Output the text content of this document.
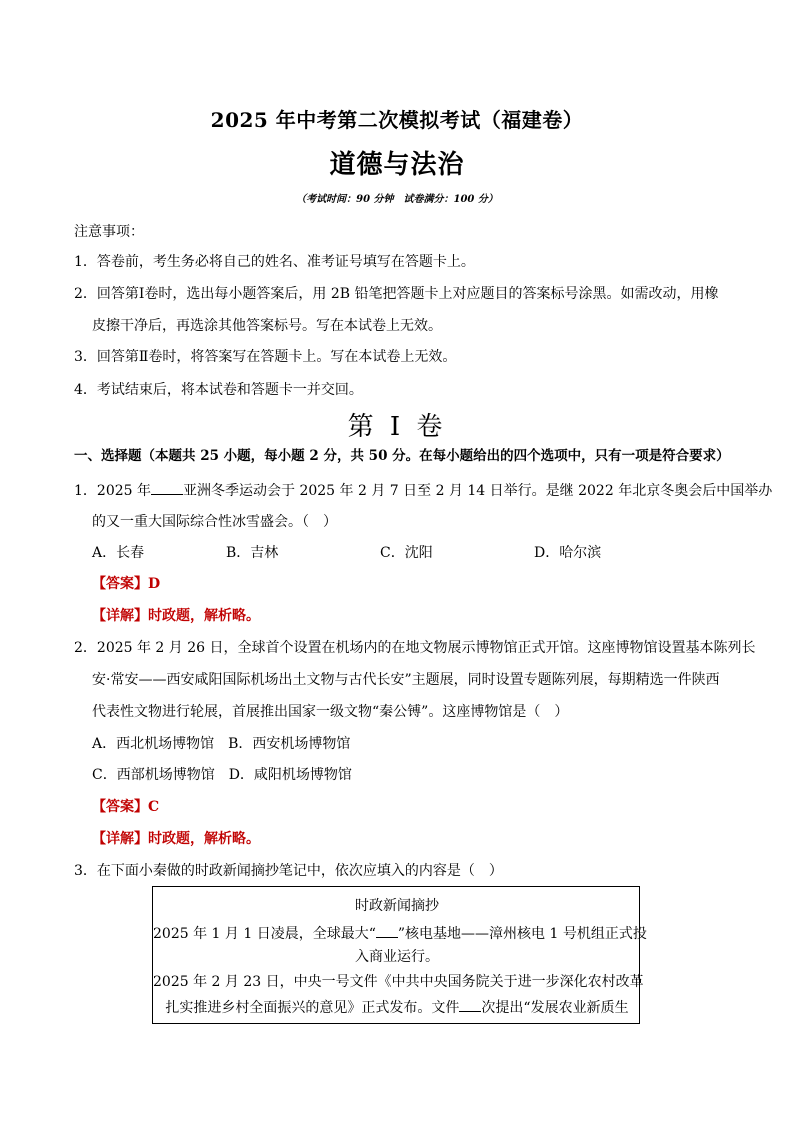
2025 年中考第二次模拟考试（福建卷）
道德与法治
（考试时间：90 分钟　试卷满分：100 分）
注意事项：
1．答卷前，考生务必将自己的姓名、准考证号填写在答题卡上。
2．回答第Ⅰ卷时，选出每小题答案后，用 2B 铅笔把答题卡上对应题目的答案标号涂黑。如需改动，用橡
皮擦干净后，再选涂其他答案标号。写在本试卷上无效。
3．回答第Ⅱ卷时，将答案写在答题卡上。写在本试卷上无效。
4．考试结束后，将本试卷和答题卡一并交回。
第 I 卷
一、选择题（本题共 25 小题，每小题 2 分，共 50 分。在每小题给出的四个选项中，只有一项是符合要求）
1．2025 年 亚洲冬季运动会于 2025 年 2 月 7 日至 2 月 14 日举行。是继 2022 年北京冬奥会后中国举办
的又一重大国际综合性冰雪盛会。（　）
A．长春	B．吉林	C．沈阳	D．哈尔滨
【答案】D
【详解】时政题，解析略。
2．2025 年 2 月 26 日，全球首个设置在机场内的在地文物展示博物馆正式开馆。这座博物馆设置基本陈列长
安·常安——西安咸阳国际机场出土文物与古代长安”主题展，同时设置专题陈列展，每期精选一件陕西
代表性文物进行轮展，首展推出国家一级文物“秦公镈”。这座博物馆是（　）
A．西北机场博物馆　B．西安机场博物馆
C．西部机场博物馆　D．咸阳机场博物馆
【答案】C
【详解】时政题，解析略。
3．在下面小秦做的时政新闻摘抄笔记中，依次应填入的内容是（　）
时政新闻摘抄
2025 年 1 月 1 日凌晨，全球最大“ ”核电基地——漳州核电 1 号机组正式投
入商业运行。
2025 年 2 月 23 日，中央一号文件《中共中央国务院关于进一步深化农村改革
扎实推进乡村全面振兴的意见》正式发布。文件 次提出“发展农业新质生
